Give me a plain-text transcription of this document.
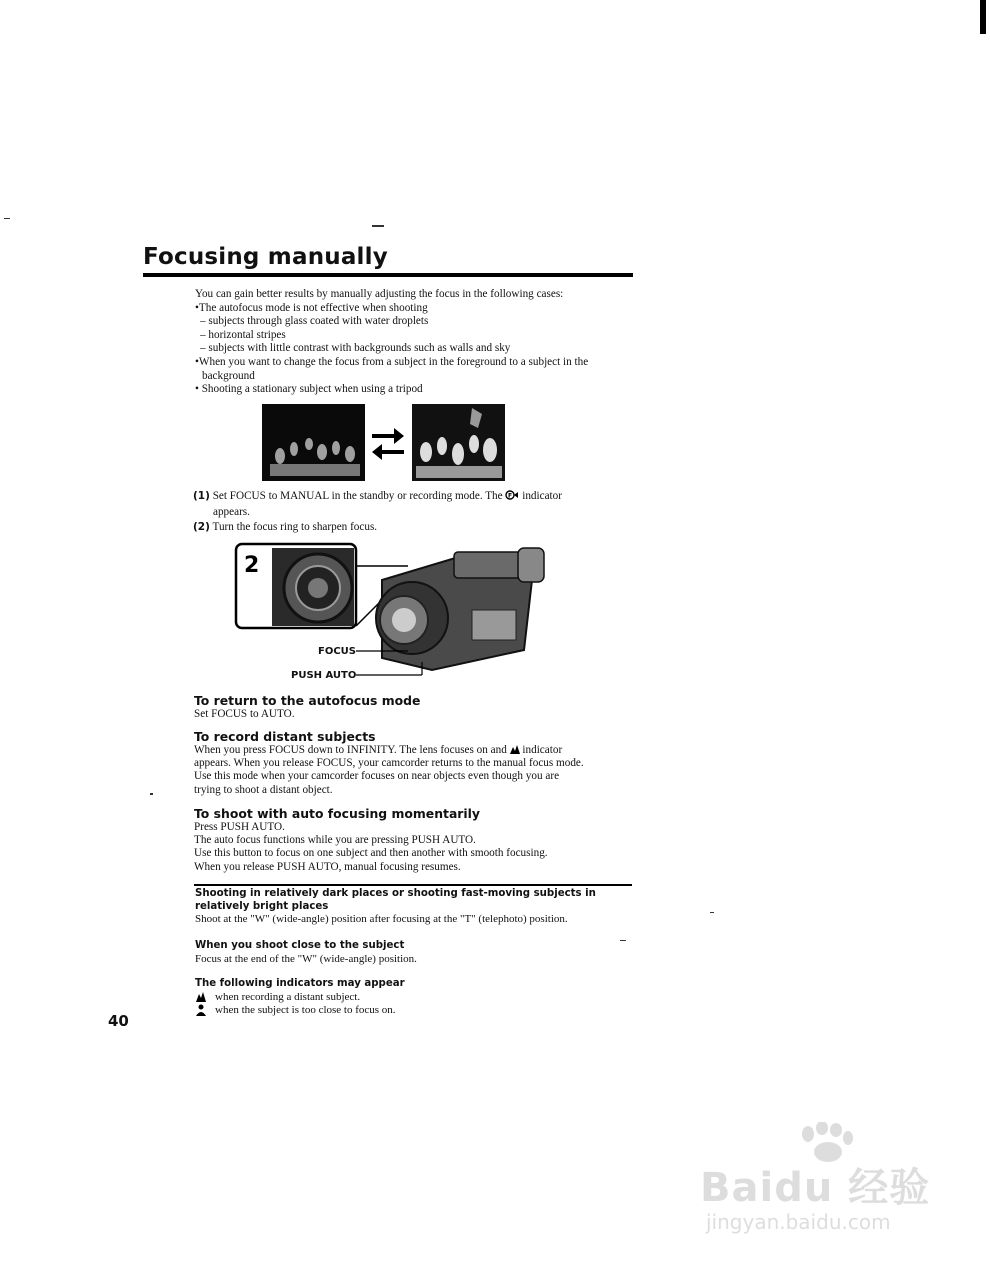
Focusing manually

You can gain better results by manually adjusting the focus in the following cases:

•The autofocus mode is not effective when shooting

– subjects through glass coated with water droplets

– horizontal stripes

– subjects with little contrast with backgrounds such as walls and sky

•When you want to change the focus from a subject in the foreground to a subject in the

background

• Shooting a stationary subject when using a tripod

(1) Set FOCUS to MANUAL in the standby or recording mode. The F indicator

appears.

(2) Turn the focus ring to sharpen focus.

2
FOCUS
PUSH AUTO
To return to the autofocus mode

Set FOCUS to AUTO.

To record distant subjects

When you press FOCUS down to INFINITY. The lens focuses on and indicator

appears. When you release FOCUS, your camcorder returns to the manual focus mode.

Use this mode when your camcorder focuses on near objects even though you are

trying to shoot a distant object.

To shoot with auto focusing momentarily

Press PUSH AUTO.

The auto focus functions while you are pressing PUSH AUTO.

Use this button to focus on one subject and then another with smooth focusing.

When you release PUSH AUTO, manual focusing resumes.

Shooting in relatively dark places or shooting fast-moving subjects in relatively bright places

Shoot at the "W" (wide-angle) position after focusing at the "T" (telephoto) position.

When you shoot close to the subject

Focus at the end of the "W" (wide-angle) position.

The following indicators may appear

when recording a distant subject.

when the subject is too close to focus on.

40
Baidu 经验
jingyan.baidu.com
